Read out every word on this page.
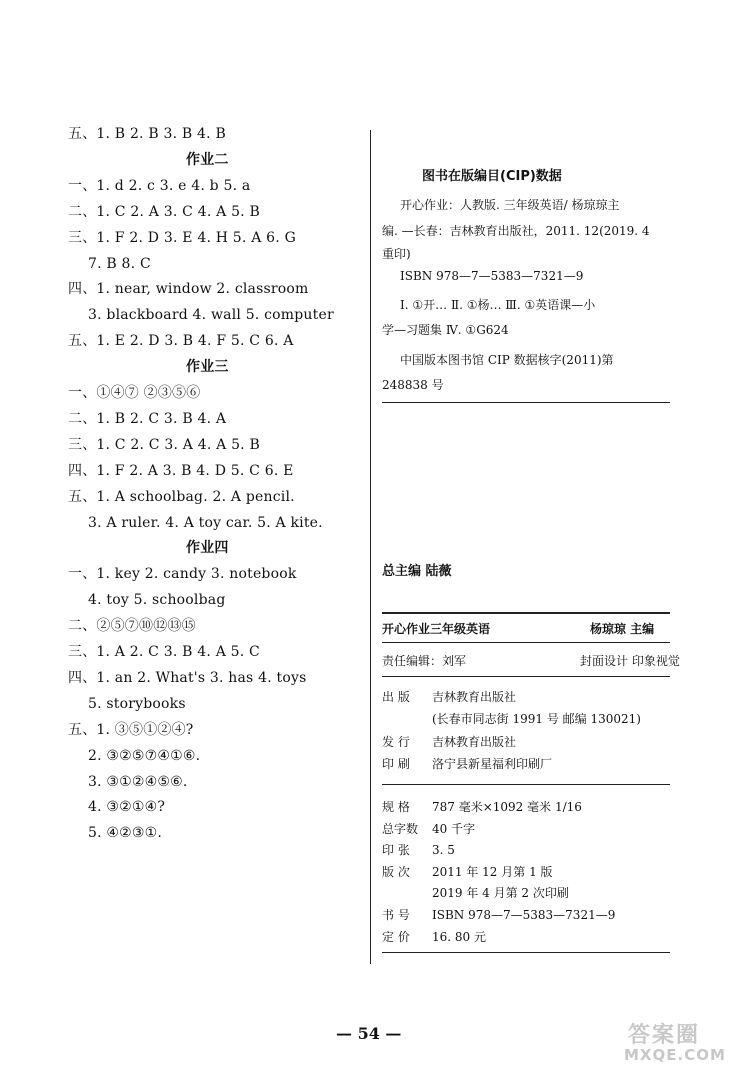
五、1. B 2. B 3. B 4. B
作业二
一、1. d 2. c 3. e 4. b 5. a
二、1. C 2. A 3. C 4. A 5. B
三、1. F 2. D 3. E 4. H 5. A 6. G
7. B 8. C
四、1. near, window 2. classroom
3. blackboard 4. wall 5. computer
五、1. E 2. D 3. B 4. F 5. C 6. A
作业三
一、①④⑦ ②③⑤⑥
二、1. B 2. C 3. B 4. A
三、1. C 2. C 3. A 4. A 5. B
四、1. F 2. A 3. B 4. D 5. C 6. E
五、1. A schoolbag. 2. A pencil.
3. A ruler. 4. A toy car. 5. A kite.
作业四
一、1. key 2. candy 3. notebook
4. toy 5. schoolbag
二、②⑤⑦⑩⑫⑬⑮
三、1. A 2. C 3. B 4. A 5. C
四、1. an 2. What's 3. has 4. toys
5. storybooks
五、1. ③⑤①②④?
2. ③②⑤⑦④①⑥.
3. ③①②④⑤⑥.
4. ③②①④?
5. ④②③①.
图书在版编目(CIP)数据
开心作业：人教版. 三年级英语/ 杨琼琼主
编. —长春：吉林教育出版社，2011. 12(2019. 4
重印)
ISBN 978—7—5383—7321—9
Ⅰ. ①开… Ⅱ. ①杨… Ⅲ. ①英语课—小
学—习题集 Ⅳ. ①G624
中国版本图书馆 CIP 数据核字(2011)第
248838 号
总主编 陆薇
开心作业三年级英语	杨琼琼 主编
责任编辑：刘军	封面设计 印象视觉
出 版 吉林教育出版社
(长春市同志街 1991 号 邮编 130021)
发 行 吉林教育出版社
印 刷 洛宁县新星福利印刷厂
规 格 787 毫米×1092 毫米 1/16
总字数 40 千字
印 张 3. 5
版 次 2011 年 12 月第 1 版
2019 年 4 月第 2 次印刷
书 号 ISBN 978—7—5383—7321—9
定 价 16. 80 元
— 54 —	答案圈
MXQE.COM
